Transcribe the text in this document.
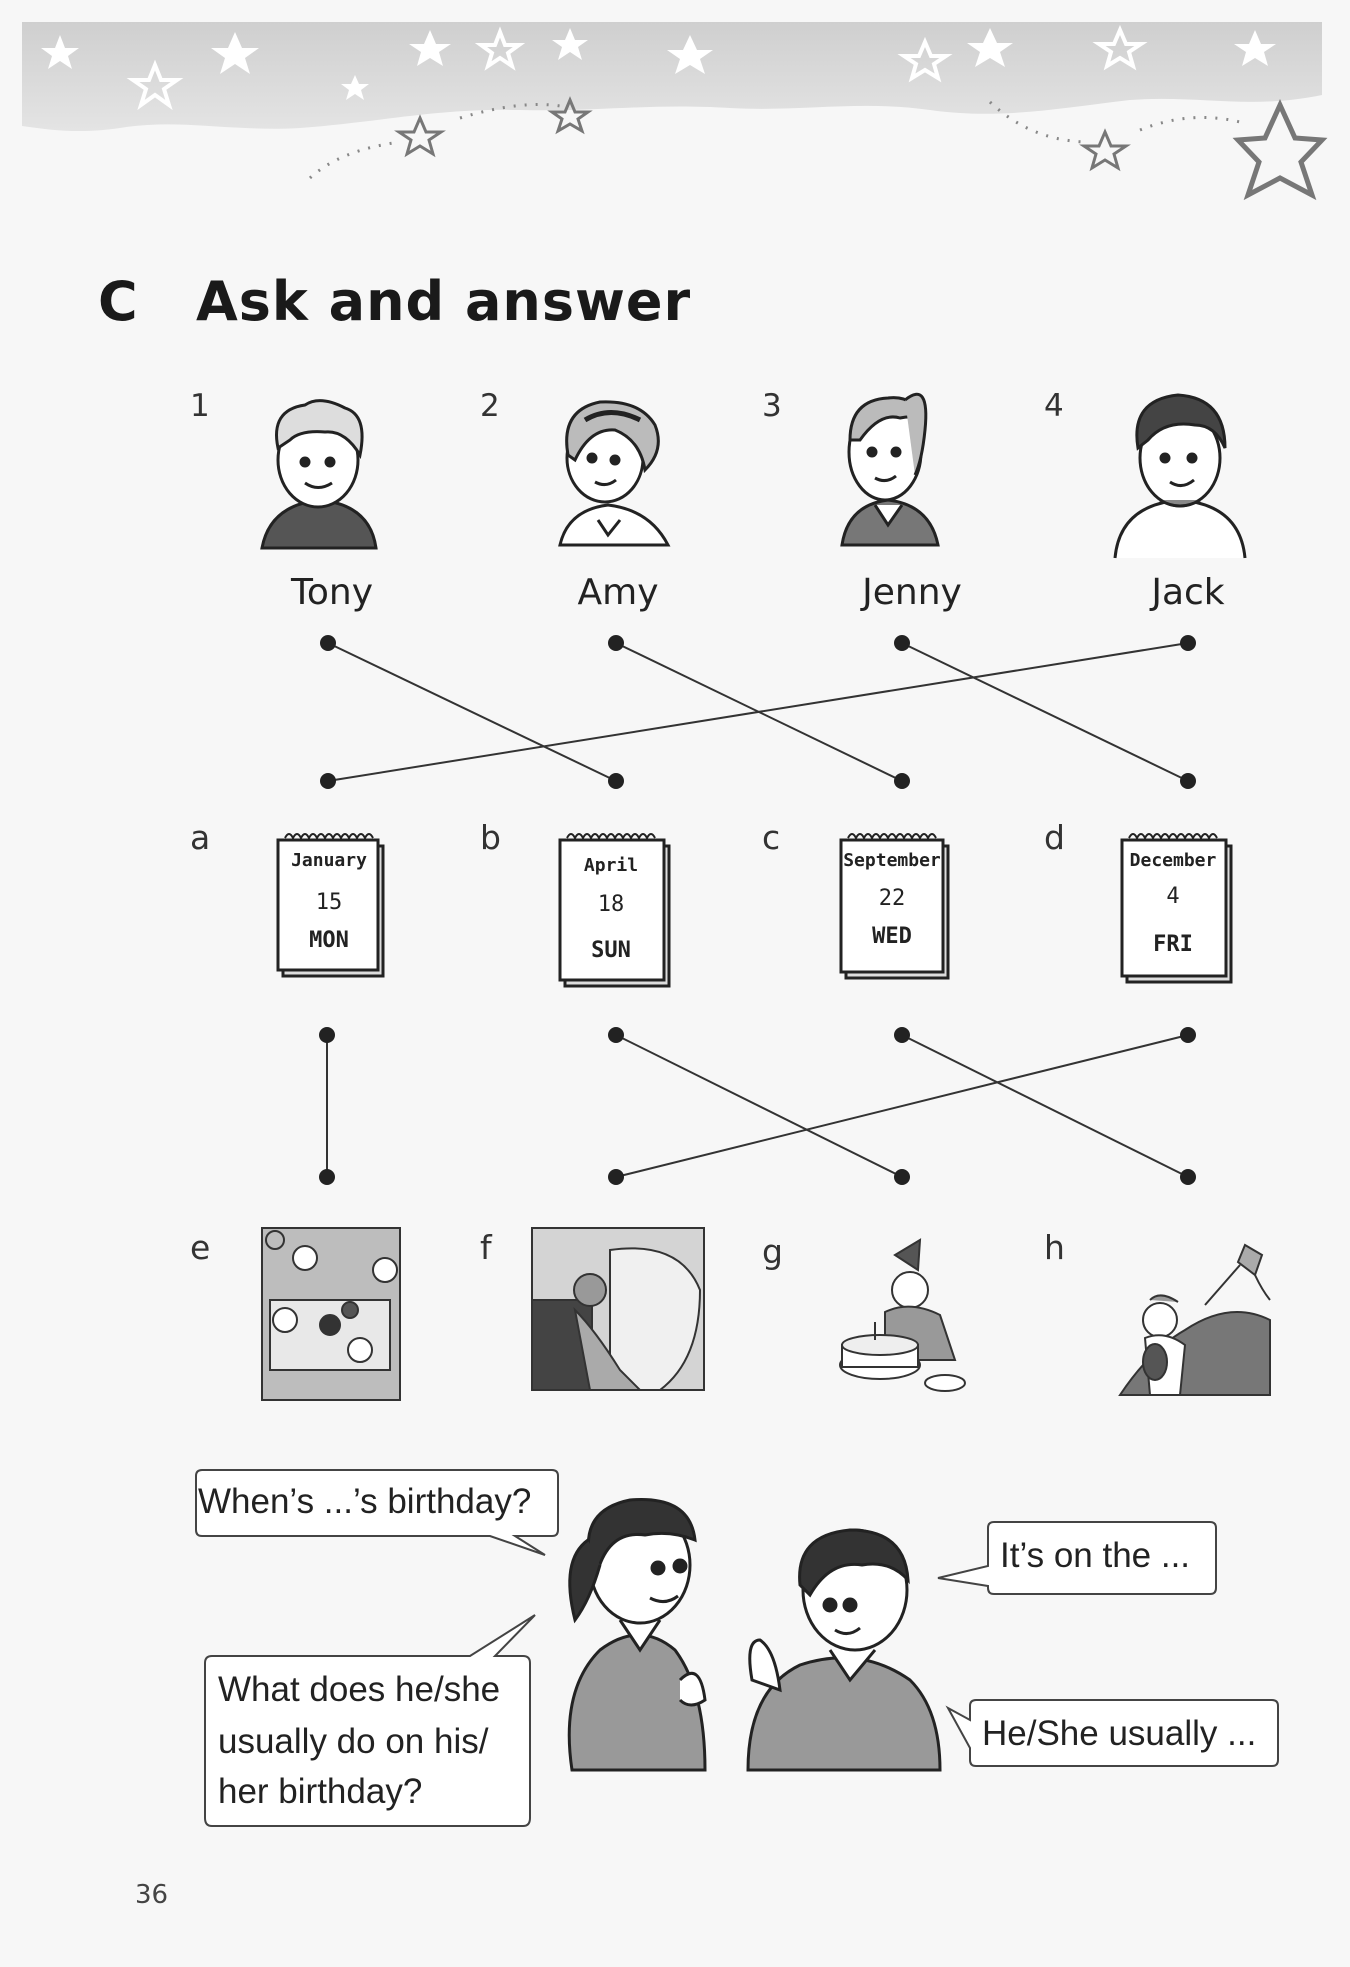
C Ask and answer
1	2	3	4
Tony	Amy	Jenny	Jack
a	b	c	d
January
15
MON
April
18
SUN
September
22
WED
December
4
FRI
e	f	g	h
When’s ...’s birthday?
What does he/she
usually do on his/
her birthday?
It’s on the ...
He/She usually ...
36
